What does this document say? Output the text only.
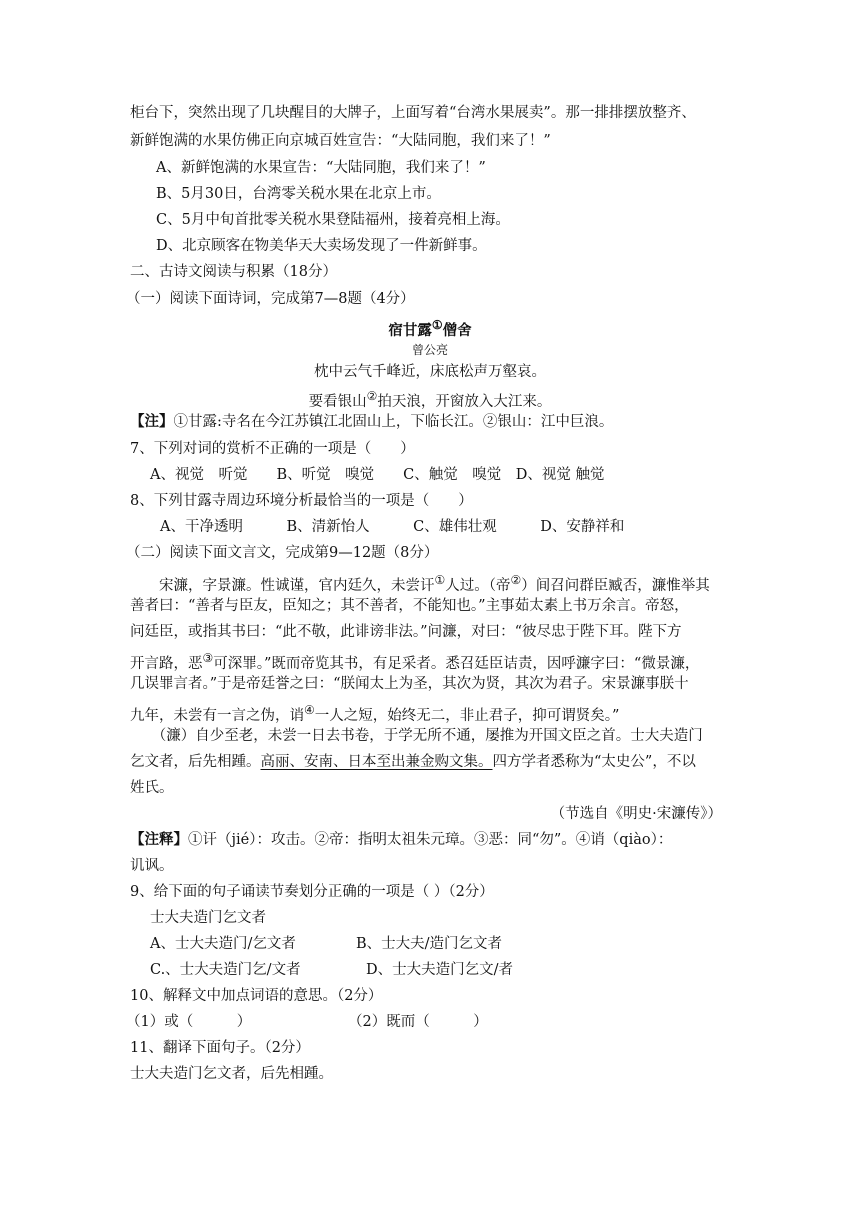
柜台下，突然出现了几块醒目的大牌子，上面写着“台湾水果展卖”。那一排排摆放整齐、
新鲜饱满的水果仿佛正向京城百姓宣告：“大陆同胞，我们来了！”
A、新鲜饱满的水果宣告：“大陆同胞，我们来了！”
B、5月30日，台湾零关税水果在北京上市。
C、5月中旬首批零关税水果登陆福州，接着亮相上海。
D、北京顾客在物美华天大卖场发现了一件新鲜事。
二、古诗文阅读与积累（18分）
（一）阅读下面诗词，完成第7—8题（4分）
宿甘露①僧舍
曾公亮
枕中云气千峰近，床底松声万壑哀。
要看银山②拍天浪，开窗放入大江来。
【注】①甘露:寺名在今江苏镇江北固山上，下临长江。②银山：江中巨浪。
7、下列对词的赏析不正确的一项是（　　）
A、视觉　听觉　　B、听觉　嗅觉　　C、触觉　嗅觉　D、视觉 触觉
8、下列甘露寺周边环境分析最恰当的一项是（　　）
A、干净透明　　　B、清新怡人　　　C、雄伟壮观　　　D、安静祥和
（二）阅读下面文言文，完成第9—12题（8分）
　　宋濂，字景濂。性诚谨，官内廷久，未尝讦①人过。（帝②）间召问群臣臧否，濂惟举其
善者曰：“善者与臣友，臣知之；其不善者，不能知也。”主事茹太素上书万余言。帝怒，
问廷臣，或指其书曰：“此不敬，此诽谤非法。”问濂，对曰：“彼尽忠于陛下耳。陛下方
开言路，恶③可深罪。”既而帝览其书，有足采者。悉召廷臣诘责，因呼濂字曰：“微景濂，
几误罪言者。”于是帝廷誉之曰：“朕闻太上为圣，其次为贤，其次为君子。宋景濂事朕十
九年，未尝有一言之伪，诮④一人之短，始终无二，非止君子，抑可谓贤矣。”
　　（濂）自少至老，未尝一日去书卷，于学无所不通，屡推为开国文臣之首。士大夫造门
乞文者，后先相踵。高丽、安南、日本至出兼金购文集。四方学者悉称为“太史公”，不以
姓氏。
（节选自《明史·宋濂传》）
【注释】①讦（jié）：攻击。②帝：指明太祖朱元璋。③恶：同“勿”。④诮（qiào）：
讥讽。
9、给下面的句子诵读节奏划分正确的一项是（ ）（2分）
士大夫造门乞文者
A、士大夫造门/乞文者	B、士大夫/造门乞文者
C.、士大夫造门乞/文者	D、士大夫造门乞文/者
10、解释文中加点词语的意思。（2分）
（1）或（　　　）	（2）既而（　　　）
11、翻译下面句子。（2分）
士大夫造门乞文者，后先相踵。
